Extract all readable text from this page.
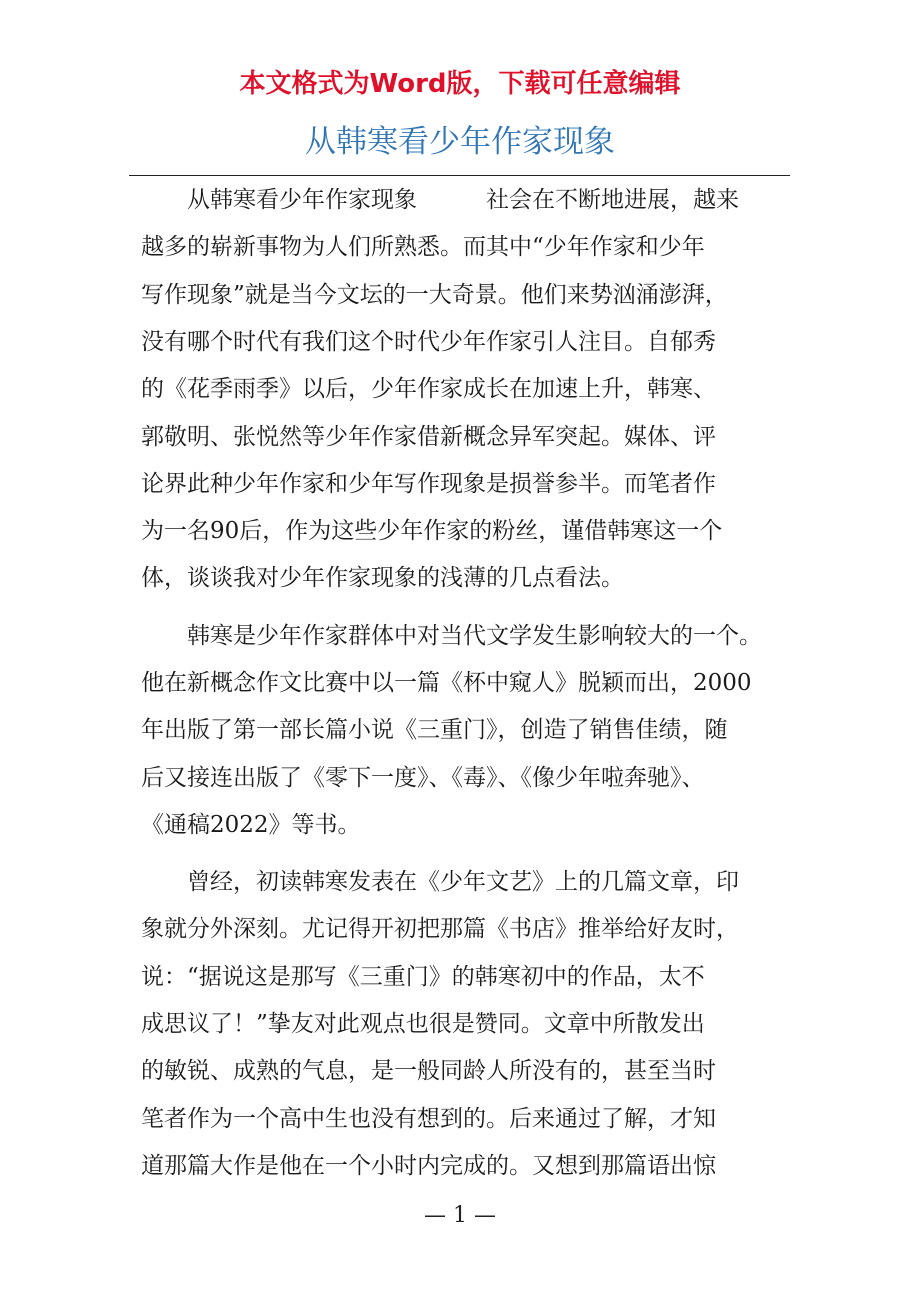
本文格式为Word版，下载可任意编辑
从韩寒看少年作家现象
从韩寒看少年作家现象　　　社会在不断地进展，越来
越多的崭新事物为人们所熟悉。而其中“少年作家和少年
写作现象”就是当今文坛的一大奇景。他们来势汹涌澎湃，
没有哪个时代有我们这个时代少年作家引人注目。自郁秀
的《花季雨季》以后，少年作家成长在加速上升，韩寒、
郭敬明、张悦然等少年作家借新概念异军突起。媒体、评
论界此种少年作家和少年写作现象是损誉参半。而笔者作
为一名90后，作为这些少年作家的粉丝，谨借韩寒这一个
体，谈谈我对少年作家现象的浅薄的几点看法。
韩寒是少年作家群体中对当代文学发生影响较大的一个。
他在新概念作文比赛中以一篇《杯中窥人》脱颖而出，2000
年出版了第一部长篇小说《三重门》，创造了销售佳绩，随
后又接连出版了《零下一度》、《毒》、《像少年啦奔驰》、
《通稿2022》等书。
曾经，初读韩寒发表在《少年文艺》上的几篇文章，印
象就分外深刻。尤记得开初把那篇《书店》推举给好友时，
说：“据说这是那写《三重门》的韩寒初中的作品，太不
成思议了！”挚友对此观点也很是赞同。文章中所散发出
的敏锐、成熟的气息，是一般同龄人所没有的，甚至当时
笔者作为一个高中生也没有想到的。后来通过了解，才知
道那篇大作是他在一个小时内完成的。又想到那篇语出惊
— 1 —
